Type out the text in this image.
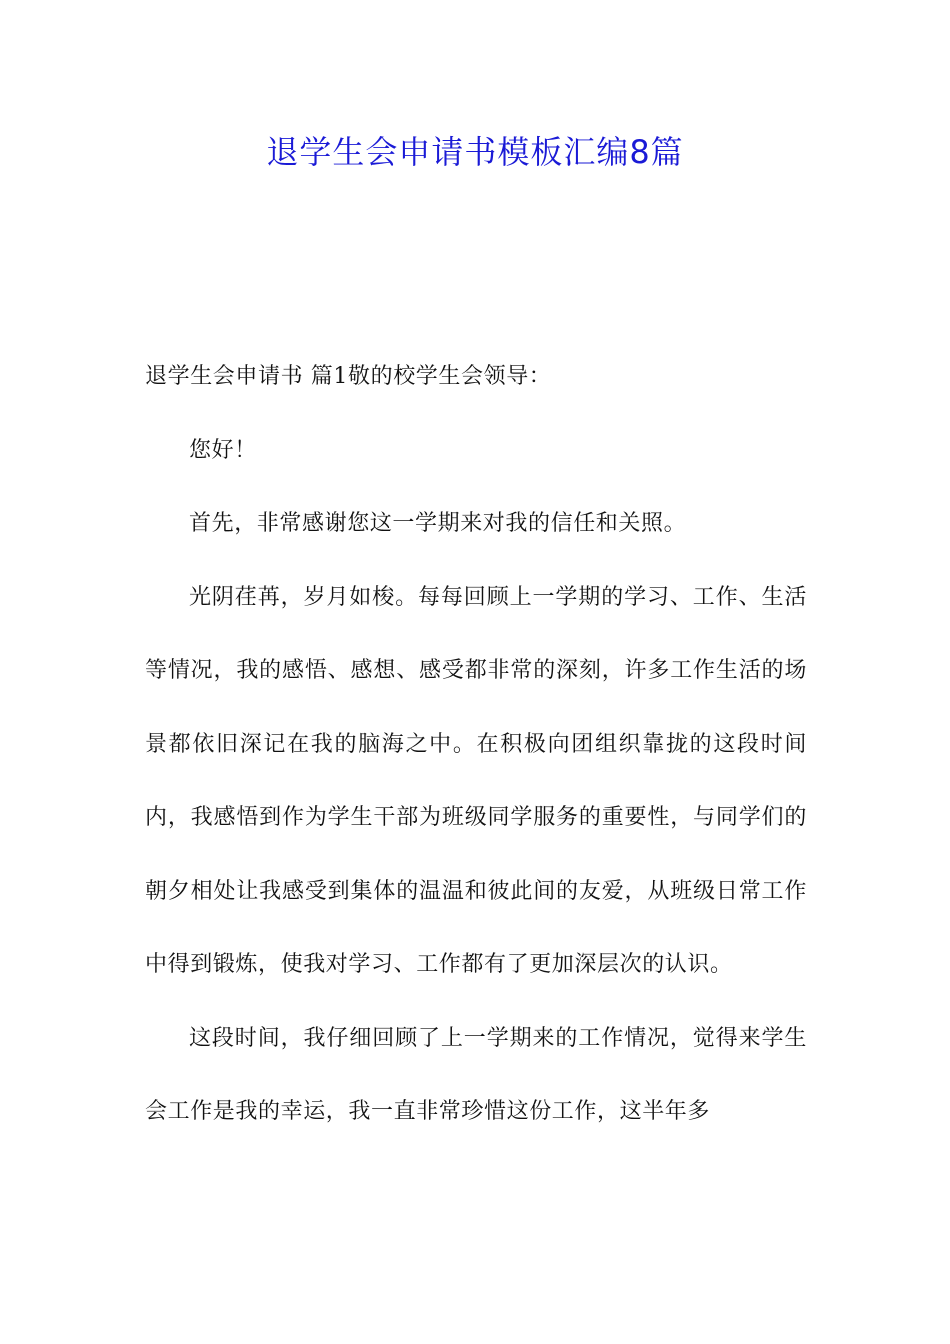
退学生会申请书模板汇编8篇

退学生会申请书 篇1敬的校学生会领导：

您好！

首先，非常感谢您这一学期来对我的信任和关照。

光阴荏苒，岁月如梭。每每回顾上一学期的学习、工作、生活等情况，我的感悟、感想、感受都非常的深刻，许多工作生活的场景都依旧深记在我的脑海之中。在积极向团组织靠拢的这段时间内，我感悟到作为学生干部为班级同学服务的重要性，与同学们的朝夕相处让我感受到集体的温温和彼此间的友爱，从班级日常工作中得到锻炼，使我对学习、工作都有了更加深层次的认识。

这段时间，我仔细回顾了上一学期来的工作情况，觉得来学生会工作是我的幸运，我一直非常珍惜这份工作，这半年多
